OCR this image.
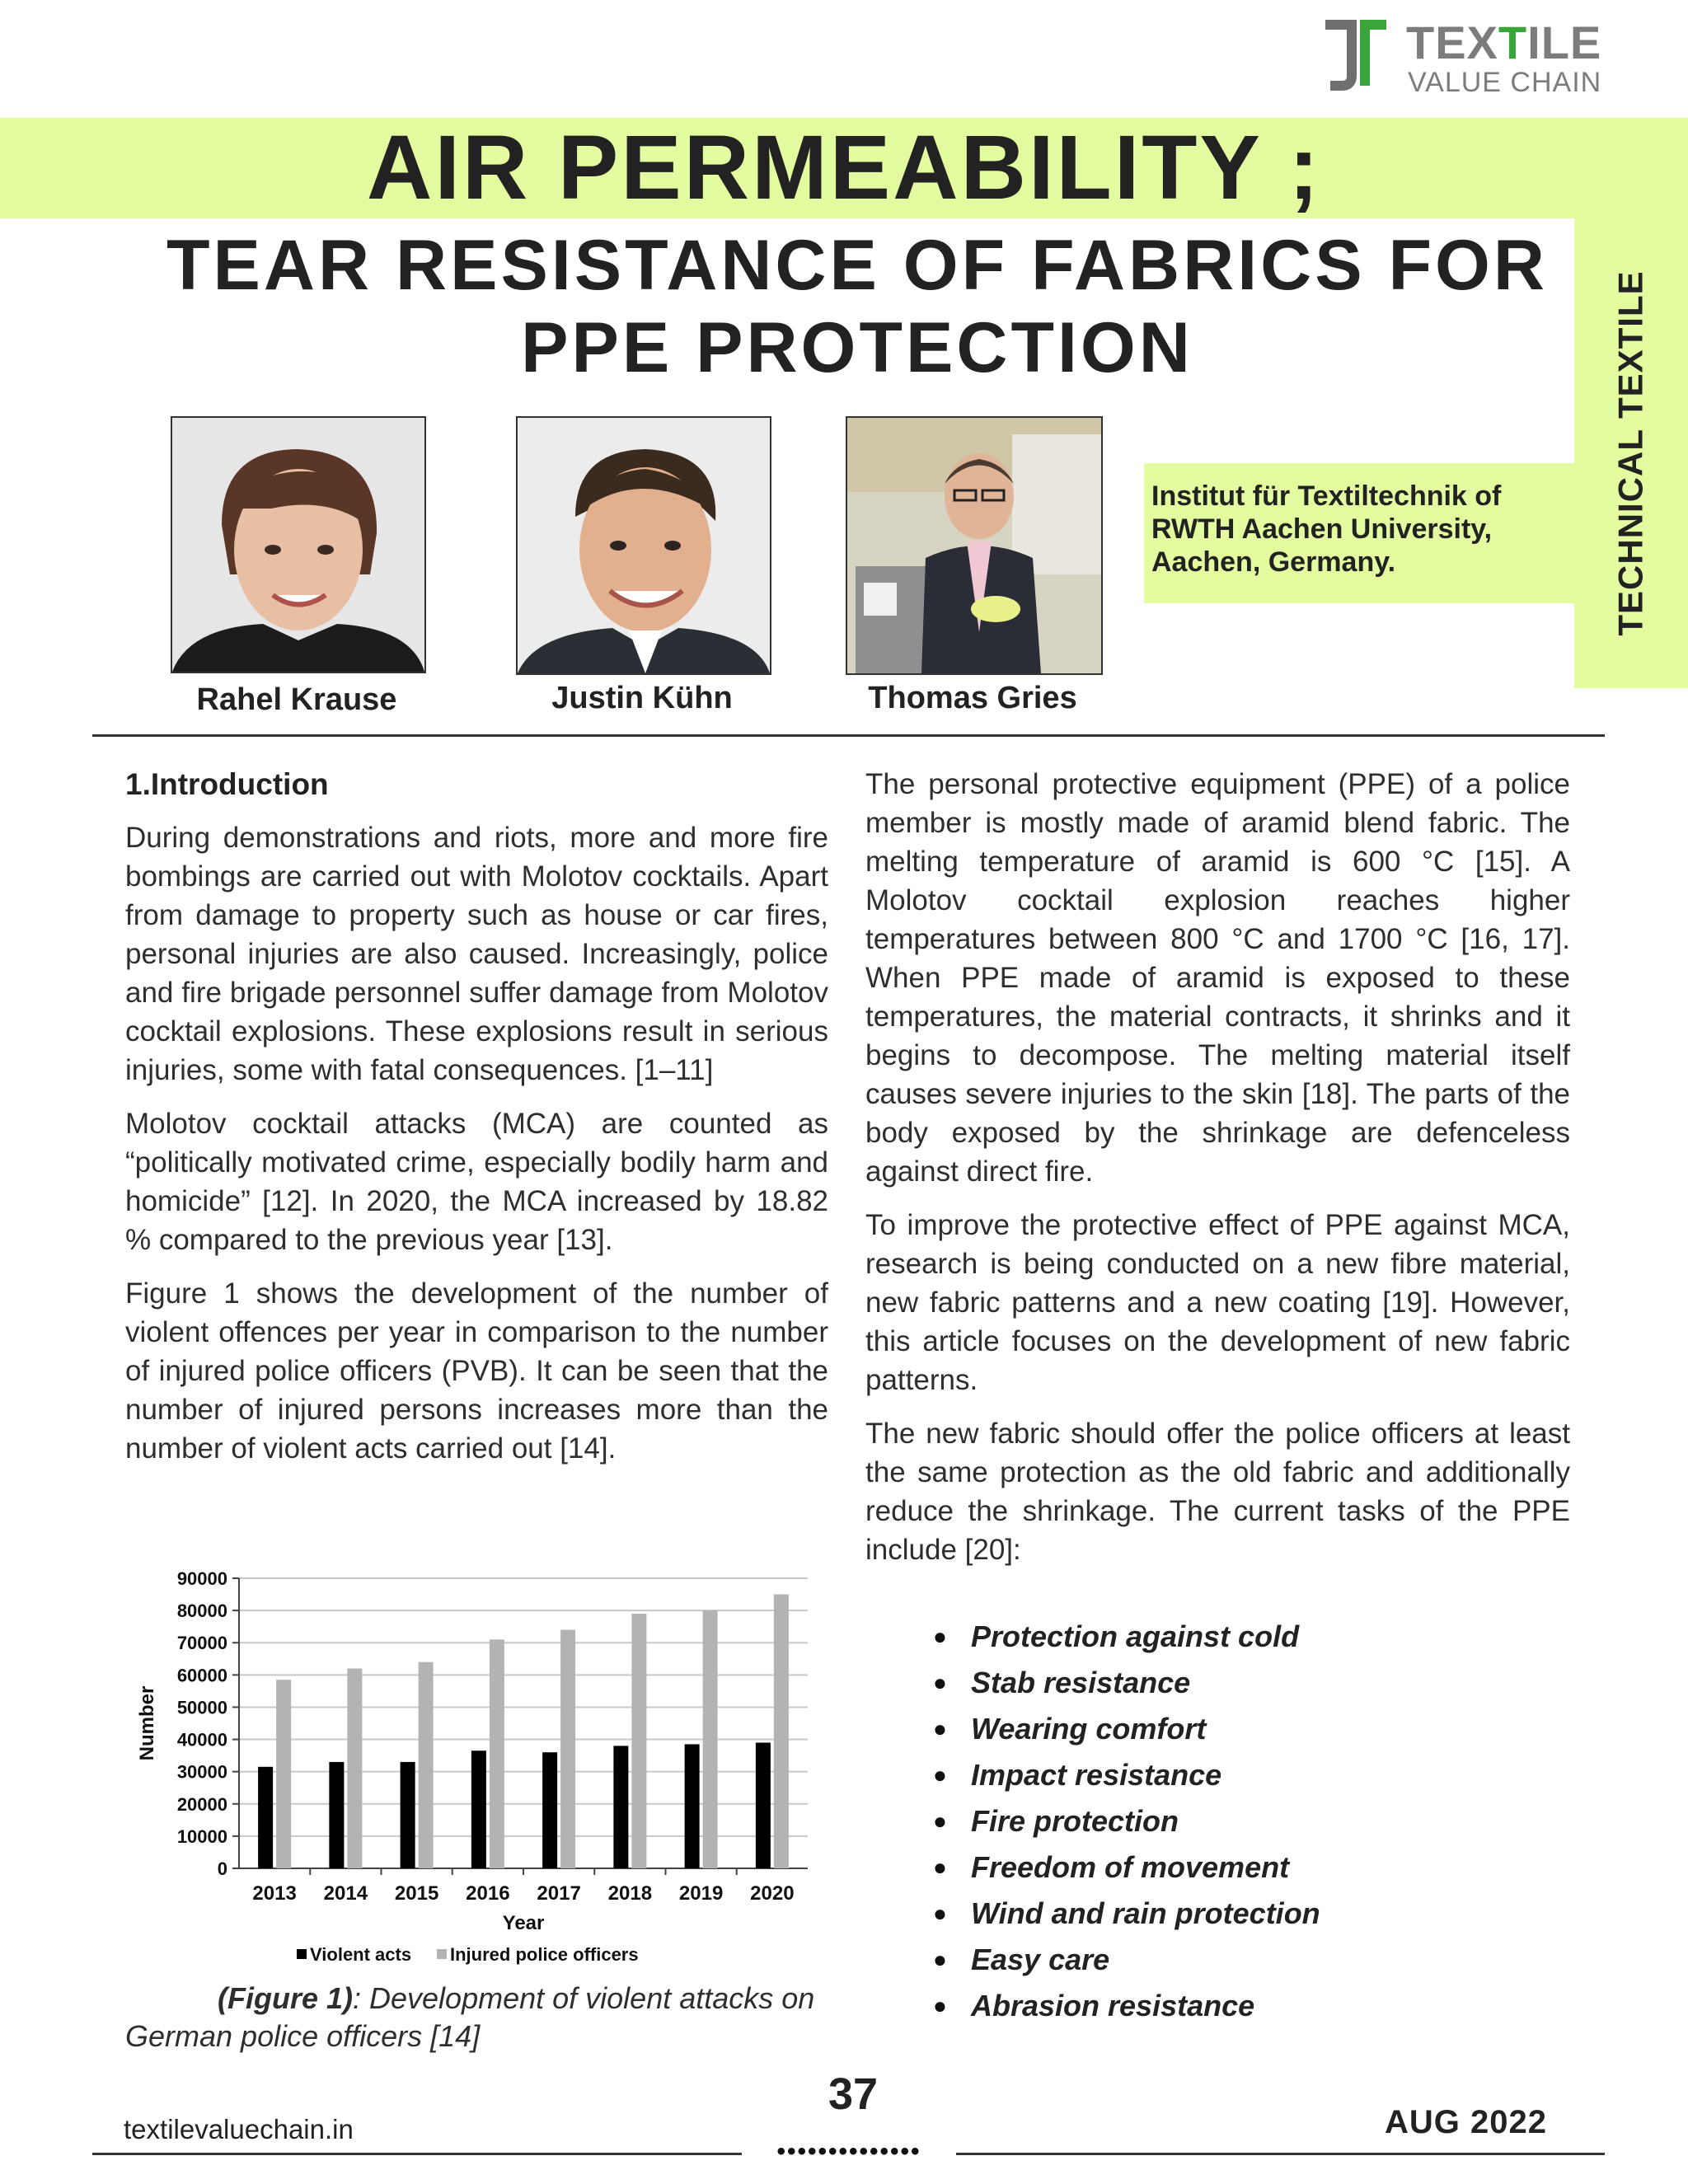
TEXTILE
VALUE CHAIN
TECHNICAL TEXTILE
AIR PERMEABILITY ;
TEAR RESISTANCE OF FABRICS FOR
PPE PROTECTION
Rahel Krause	Justin Kühn	Thomas Gries
Institut für Textiltechnik of
RWTH Aachen University,
Aachen, Germany.
1.Introduction

During demonstrations and riots, more and more fire bombings are carried out with Molotov cocktails. Apart from damage to property such as house or car fires, personal injuries are also caused. Increasingly, police and fire brigade personnel suffer damage from Molotov cocktail explosions. These explosions result in serious injuries, some with fatal consequences. [1–11]

Molotov cocktail attacks (MCA) are counted as “politically motivated crime, especially bodily harm and homicide” [12]. In 2020, the MCA increased by 18.82 % compared to the previous year [13].

Figure 1 shows the development of the number of violent offences per year in comparison to the number of injured police officers (PVB). It can be seen that the number of injured persons increases more than the number of violent acts carried out [14].

0
10000
20000
30000
40000
50000
60000
70000
80000
90000
2013 2014 2015 2016 2017 2018 2019 2020
Year
Number
Violent acts Injured police officers
(Figure 1): Development of violent attacks on German police officers [14]

The personal protective equipment (PPE) of a police member is mostly made of aramid blend fabric. The melting temperature of aramid is 600 °C [15]. A Molotov cocktail explosion reaches higher temperatures between 800 °C and 1700 °C [16, 17]. When PPE made of aramid is exposed to these temperatures, the material contracts, it shrinks and it begins to decompose. The melting material itself causes severe injuries to the skin [18]. The parts of the body exposed by the shrinkage are defenceless against direct fire.

To improve the protective effect of PPE against MCA, research is being conducted on a new fibre material, new fabric patterns and a new coating [19]. However, this article focuses on the development of new fabric patterns.

The new fabric should offer the police officers at least the same protection as the old fabric and additionally reduce the shrinkage. The current tasks of the PPE include [20]:

● Protection against cold
● Stab resistance
● Wearing comfort
● Impact resistance
● Fire protection
● Freedom of movement
● Wind and rain protection
● Easy care
● Abrasion resistance
37
textilevaluechain.in	AUG 2022
••••••••••••••
